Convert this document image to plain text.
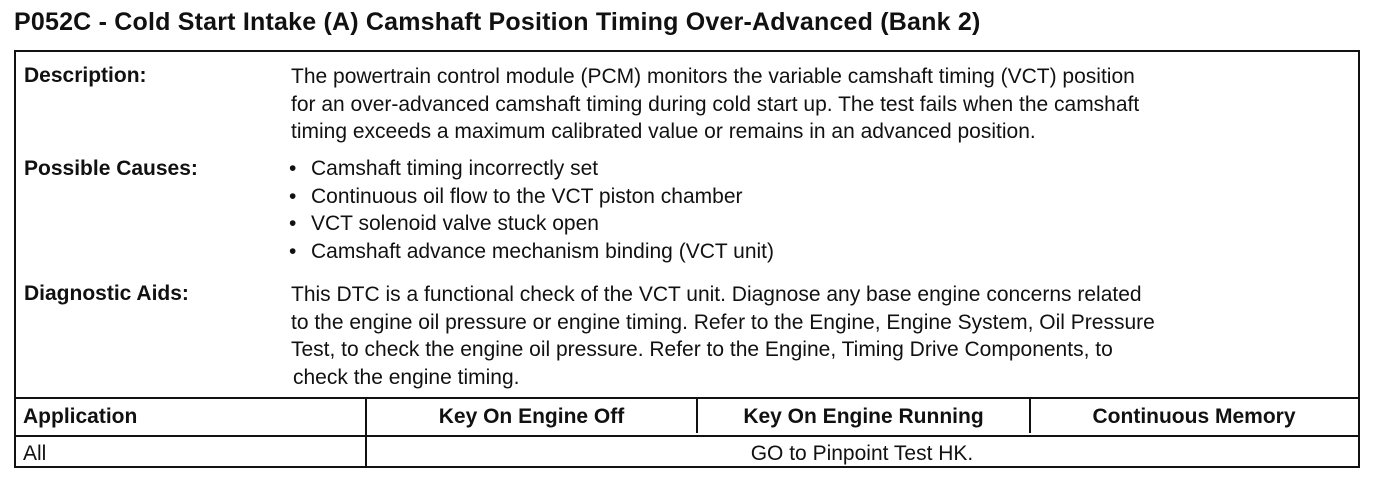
P052C - Cold Start Intake (A) Camshaft Position Timing Over-Advanced (Bank 2)
Description:	The powertrain control module (PCM) monitors the variable camshaft timing (VCT) position
for an over-advanced camshaft timing during cold start up. The test fails when the camshaft
timing exceeds a maximum calibrated value or remains in an advanced position.
Possible Causes:	• Camshaft timing incorrectly set
• Continuous oil flow to the VCT piston chamber
• VCT solenoid valve stuck open
• Camshaft advance mechanism binding (VCT unit)
Diagnostic Aids:	This DTC is a functional check of the VCT unit. Diagnose any base engine concerns related
to the engine oil pressure or engine timing. Refer to the Engine, Engine System, Oil Pressure
Test, to check the engine oil pressure. Refer to the Engine, Timing Drive Components, to
check the engine timing.
Application	Key On Engine Off	Key On Engine Running	Continuous Memory
All	GO to Pinpoint Test HK.
